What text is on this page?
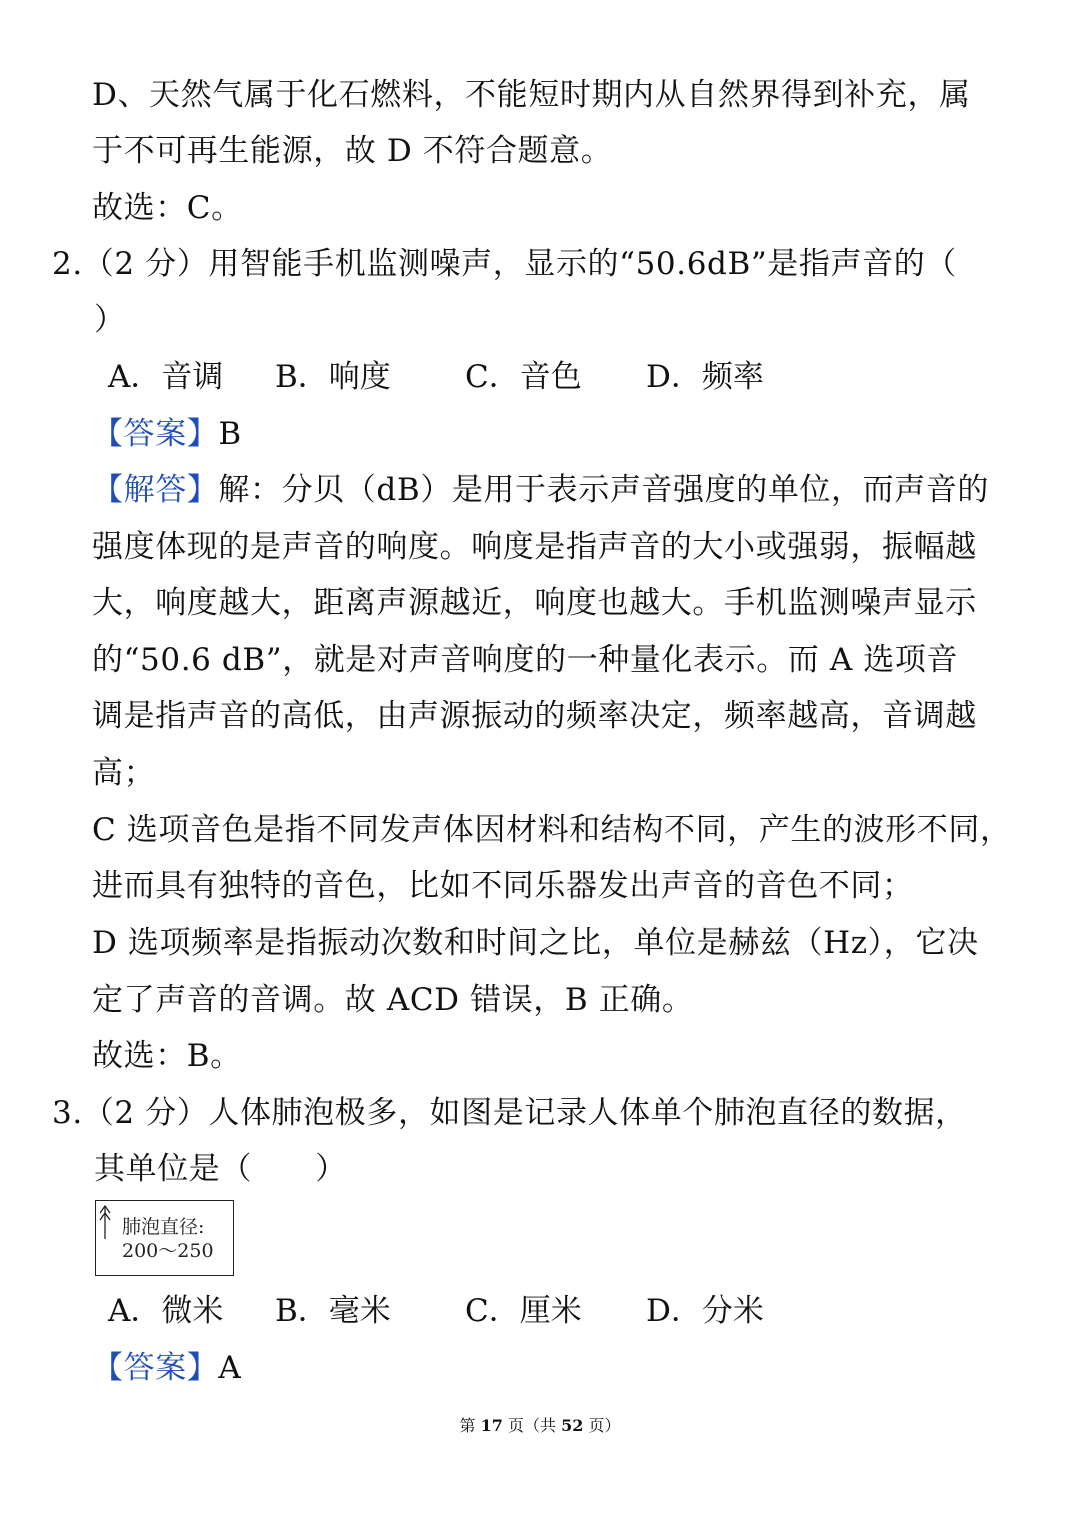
D、天然气属于化石燃料，不能短时期内从自然界得到补充，属
于不可再生能源，故 D 不符合题意。
故选：C。
2.（2 分）用智能手机监测噪声，显示的“50.6dB”是指声音的（
）
A．音调 B．响度 C．音色 D．频率
【答案】B
【解答】解：分贝（dB）是用于表示声音强度的单位，而声音的
强度体现的是声音的响度。响度是指声音的大小或强弱，振幅越
大，响度越大，距离声源越近，响度也越大。手机监测噪声显示
的“50.6 dB”，就是对声音响度的一种量化表示。而 A 选项音
调是指声音的高低，由声源振动的频率决定，频率越高，音调越
高；
C 选项音色是指不同发声体因材料和结构不同，产生的波形不同，
进而具有独特的音色，比如不同乐器发出声音的音色不同；
D 选项频率是指振动次数和时间之比，单位是赫兹（Hz），它决
定了声音的音调。故 ACD 错误，B 正确。
故选：B。
3.（2 分）人体肺泡极多，如图是记录人体单个肺泡直径的数据，
其单位是（　　）
肺泡直径:
200～250
A．微米 B．毫米 C．厘米 D．分米
【答案】A
第 17 页（共 52 页）
